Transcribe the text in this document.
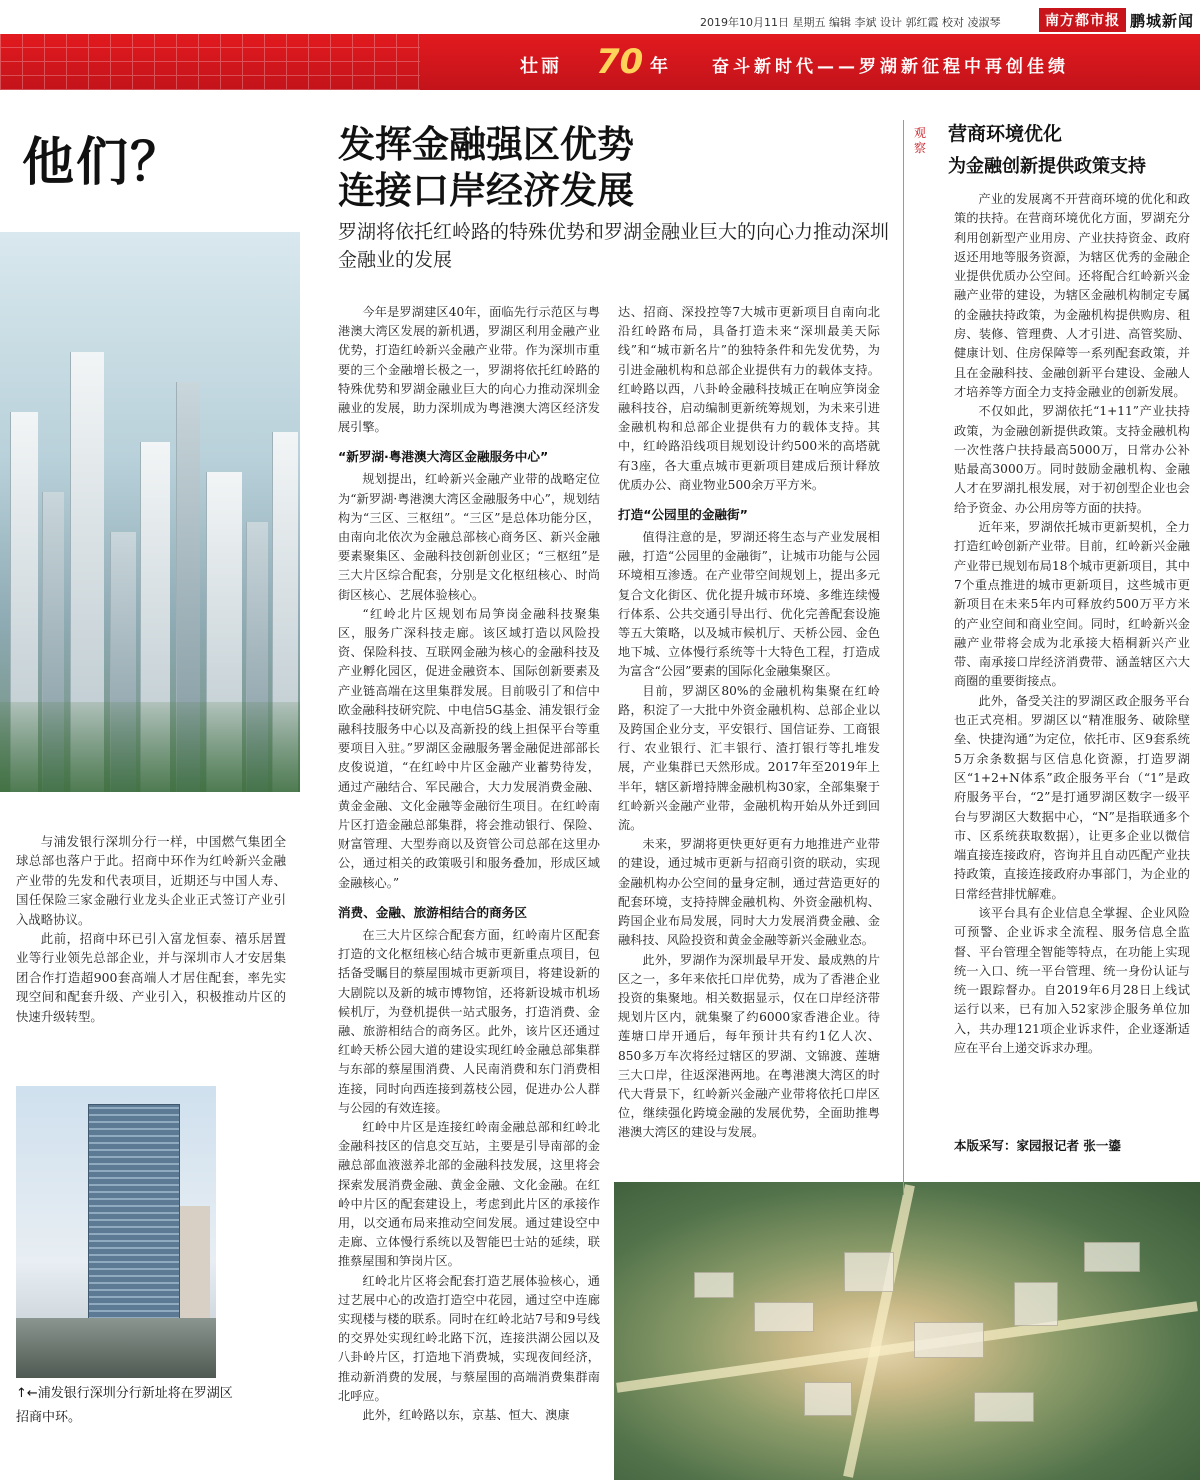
2019年10月11日 星期五 编辑 李斌 设计 郭红霞 校对 凌淑琴	南方都市报 鹏城新闻
壮丽 70 年	奋斗新时代——罗湖新征程中再创佳绩
他们？

与浦发银行深圳分行一样，中国燃气集团全球总部也落户于此。招商中环作为红岭新兴金融产业带的先发和代表项目，近期还与中国人寿、国任保险三家金融行业龙头企业正式签订产业引入战略协议。

此前，招商中环已引入富龙恒泰、禧乐居置业等行业领先总部企业，并与深圳市人才安居集团合作打造超900套高端人才居住配套，率先实现空间和配套升级、产业引入，积极推动片区的快速升级转型。

↑←浦发银行深圳分行新址将在罗湖区招商中环。
发挥金融强区优势
连接口岸经济发展
罗湖将依托红岭路的特殊优势和罗湖金融业巨大的向心力推动深圳金融业的发展

今年是罗湖建区40年，面临先行示范区与粤港澳大湾区发展的新机遇，罗湖区利用金融产业优势，打造红岭新兴金融产业带。作为深圳市重要的三个金融增长极之一，罗湖将依托红岭路的特殊优势和罗湖金融业巨大的向心力推动深圳金融业的发展，助力深圳成为粤港澳大湾区经济发展引擎。

“新罗湖·粤港澳大湾区金融服务中心”

规划提出，红岭新兴金融产业带的战略定位为“新罗湖·粤港澳大湾区金融服务中心”，规划结构为“三区、三枢纽”。“三区”是总体功能分区，由南向北依次为金融总部核心商务区、新兴金融要素聚集区、金融科技创新创业区；“三枢纽”是三大片区综合配套，分别是文化枢纽核心、时尚街区核心、艺展体验核心。

“红岭北片区规划布局笋岗金融科技聚集区，服务广深科技走廊。该区域打造以风险投资、保险科技、互联网金融为核心的金融科技及产业孵化园区，促进金融资本、国际创新要素及产业链高端在这里集群发展。目前吸引了和信中欧金融科技研究院、中电信5G基金、浦发银行金融科技服务中心以及高新投的线上担保平台等重要项目入驻。”罗湖区金融服务署金融促进部部长皮俊说道，“在红岭中片区金融产业蓄势待发，通过产融结合、军民融合，大力发展消费金融、黄金金融、文化金融等金融衍生项目。在红岭南片区打造金融总部集群，将会推动银行、保险、财富管理、大型券商以及资管公司总部在这里办公，通过相关的政策吸引和服务叠加，形成区域金融核心。”

消费、金融、旅游相结合的商务区

在三大片区综合配套方面，红岭南片区配套打造的文化枢纽核心结合城市更新重点项目，包括备受瞩目的蔡屋围城市更新项目，将建设新的大剧院以及新的城市博物馆，还将新设城市机场候机厅，为登机提供一站式服务，打造消费、金融、旅游相结合的商务区。此外，该片区还通过红岭天桥公园大道的建设实现红岭金融总部集群与东部的蔡屋围消费、人民南消费和东门消费相连接，同时向西连接到荔枝公园，促进办公人群与公园的有效连接。

红岭中片区是连接红岭南金融总部和红岭北金融科技区的信息交互站，主要是引导南部的金融总部血液滋养北部的金融科技发展，这里将会探索发展消费金融、黄金金融、文化金融。在红岭中片区的配套建设上，考虑到此片区的承接作用，以交通布局来推动空间发展。通过建设空中走廊、立体慢行系统以及智能巴士站的延续，联推蔡屋围和笋岗片区。

红岭北片区将会配套打造艺展体验核心，通过艺展中心的改造打造空中花园，通过空中连廊实现楼与楼的联系。同时在红岭北站7号和9号线的交界处实现红岭北路下沉，连接洪湖公园以及八卦岭片区，打造地下消费城，实现夜间经济，推动新消费的发展，与蔡屋围的高端消费集群南北呼应。

此外，红岭路以东，京基、恒大、澳康

达、招商、深投控等7大城市更新项目自南向北沿红岭路布局，具备打造未来“深圳最美天际线”和“城市新名片”的独特条件和先发优势，为引进金融机构和总部企业提供有力的载体支持。红岭路以西，八卦岭金融科技城正在响应笋岗金融科技谷，启动编制更新统筹规划，为未来引进金融机构和总部企业提供有力的载体支持。其中，红岭路沿线项目规划设计约500米的高塔就有3座，各大重点城市更新项目建成后预计释放优质办公、商业物业500余万平方米。

打造“公园里的金融街”

值得注意的是，罗湖还将生态与产业发展相融，打造“公园里的金融街”，让城市功能与公园环境相互渗透。在产业带空间规划上，提出多元复合文化街区、优化提升城市环境、多维连续慢行体系、公共交通引导出行、优化完善配套设施等五大策略，以及城市候机厅、天桥公园、金色地下城、立体慢行系统等十大特色工程，打造成为富含“公园”要素的国际化金融集聚区。

目前，罗湖区80%的金融机构集聚在红岭路，积淀了一大批中外资金融机构、总部企业以及跨国企业分支，平安银行、国信证券、工商银行、农业银行、汇丰银行、渣打银行等扎堆发展，产业集群已天然形成。2017年至2019年上半年，辖区新增持牌金融机构30家，全部集聚于红岭新兴金融产业带，金融机构开始从外迁到回流。

未来，罗湖将更快更好更有力地推进产业带的建设，通过城市更新与招商引资的联动，实现金融机构办公空间的量身定制，通过营造更好的配套环境，支持持牌金融机构、外资金融机构、跨国企业布局发展，同时大力发展消费金融、金融科技、风险投资和黄金金融等新兴金融业态。

此外，罗湖作为深圳最早开发、最成熟的片区之一，多年来依托口岸优势，成为了香港企业投资的集聚地。相关数据显示，仅在口岸经济带规划片区内，就集聚了约6000家香港企业。待莲塘口岸开通后，每年预计共有约1亿人次、850多万车次将经过辖区的罗湖、文锦渡、莲塘三大口岸，往返深港两地。在粤港澳大湾区的时代大背景下，红岭新兴金融产业带将依托口岸区位，继续强化跨境金融的发展优势，全面助推粤港澳大湾区的建设与发展。

观察
营商环境优化
为金融创新提供政策支持

产业的发展离不开营商环境的优化和政策的扶持。在营商环境优化方面，罗湖充分利用创新型产业用房、产业扶持资金、政府返还用地等服务资源，为辖区优秀的金融企业提供优质办公空间。还将配合红岭新兴金融产业带的建设，为辖区金融机构制定专属的金融扶持政策，为金融机构提供购房、租房、装修、管理费、人才引进、高管奖励、健康计划、住房保障等一系列配套政策，并且在金融科技、金融创新平台建设、金融人才培养等方面全力支持金融业的创新发展。

不仅如此，罗湖依托“1+11”产业扶持政策，为金融创新提供政策。支持金融机构一次性落户扶持最高5000万，日常办公补贴最高3000万。同时鼓励金融机构、金融人才在罗湖扎根发展，对于初创型企业也会给予资金、办公用房等方面的扶持。

近年来，罗湖依托城市更新契机，全力打造红岭创新产业带。目前，红岭新兴金融产业带已规划布局18个城市更新项目，其中7个重点推进的城市更新项目，这些城市更新项目在未来5年内可释放约500万平方米的产业空间和商业空间。同时，红岭新兴金融产业带将会成为北承接大梧桐新兴产业带、南承接口岸经济消费带、涵盖辖区六大商圈的重要街接点。

此外，备受关注的罗湖区政企服务平台也正式亮相。罗湖区以“精准服务、破除壁垒、快捷沟通”为定位，依托市、区9套系统5万余条数据与区信息化资源，打造罗湖区“1+2+N体系”政企服务平台（“1”是政府服务平台，“2”是打通罗湖区数字一级平台与罗湖区大数据中心，“N”是指联通多个市、区系统获取数据），让更多企业以微信端直接连接政府，咨询并且自动匹配产业扶持政策，直接连接政府办事部门，为企业的日常经营排忧解难。

该平台具有企业信息全掌握、企业风险可预警、企业诉求全流程、服务信息全监督、平台管理全智能等特点，在功能上实现统一入口、统一平台管理、统一身份认证与统一跟踪督办。自2019年6月28日上线试运行以来，已有加入52家涉企服务单位加入，共办理121项企业诉求件，企业逐渐适应在平台上递交诉求办理。

本版采写：家园报记者 张一鎏
